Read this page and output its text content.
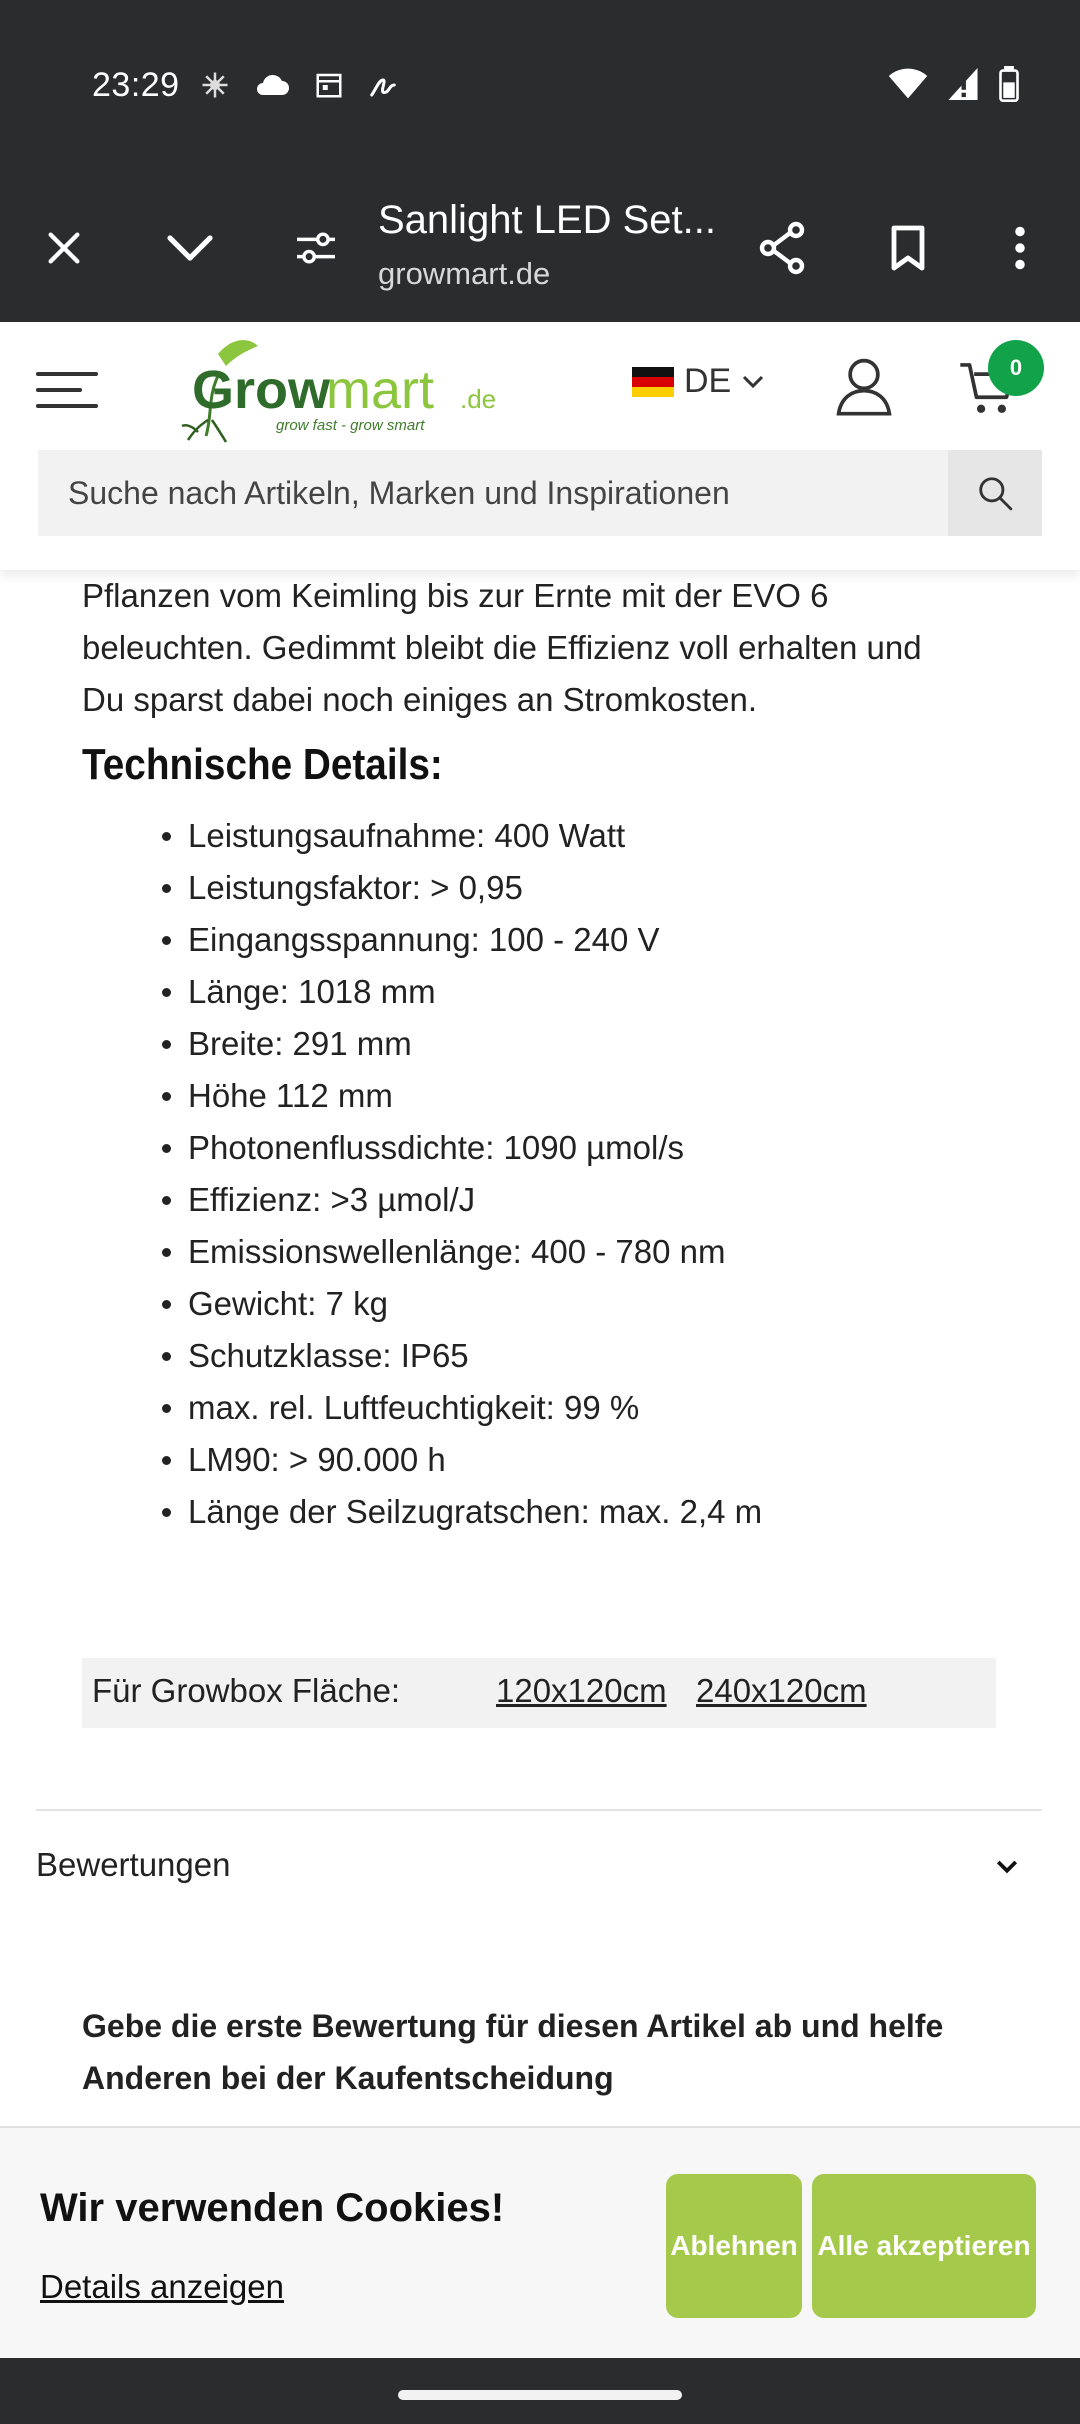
23:29
Sanlight LED Set...
growmart.de
Grow
mart .de
grow fast - grow smart
DE	0
Suche nach Artikeln, Marken und Inspirationen
Pflanzen vom Keimling bis zur Ernte mit der EVO 6
beleuchten. Gedimmt bleibt die Effizienz voll erhalten und
Du sparst dabei noch einiges an Stromkosten.
Technische Details:
Leistungsaufnahme: 400 Watt
Leistungsfaktor: > 0,95
Eingangsspannung: 100 - 240 V
Länge: 1018 mm
Breite: 291 mm
Höhe 112 mm
Photonenflussdichte: 1090 µmol/s
Effizienz: >3 µmol/J
Emissionswellenlänge: 400 - 780 nm
Gewicht: 7 kg
Schutzklasse: IP65
max. rel. Luftfeuchtigkeit: 99 %
LM90: > 90.000 h
Länge der Seilzugratschen: max. 2,4 m
Für Growbox Fläche:	120x120cm 240x120cm
Bewertungen
Gebe die erste Bewertung für diesen Artikel ab und helfe Anderen bei der Kaufentscheidung
Wir verwenden Cookies!
Details anzeigen
Ablehnen Alle akzeptieren
